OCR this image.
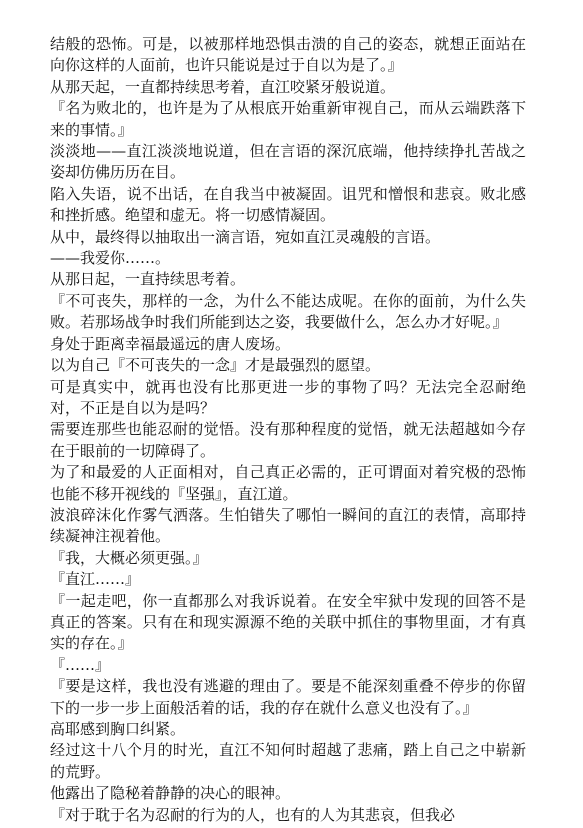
结般的恐怖。可是，以被那样地恐惧击溃的自己的姿态，就想正面站在向你这样的人面前，也许只能说是过于自以为是了。』

从那天起，一直都持续思考着，直江咬紧牙般说道。

『名为败北的，也许是为了从根底开始重新审视自己，而从云端跌落下来的事情。』

淡淡地——直江淡淡地说道，但在言语的深沉底端，他持续挣扎苦战之姿却仿佛历历在目。

陷入失语，说不出话，在自我当中被凝固。诅咒和憎恨和悲哀。败北感和挫折感。绝望和虚无。将一切感情凝固。

从中，最终得以抽取出一滴言语，宛如直江灵魂般的言语。

——我爱你……。

从那日起，一直持续思考着。

『不可丧失，那样的一念，为什么不能达成呢。在你的面前，为什么失败。若那场战争时我们所能到达之姿，我要做什么，怎么办才好呢。』

身处于距离幸福最遥远的唐人废场。

以为自己『不可丧失的一念』才是最强烈的愿望。

可是真实中，就再也没有比那更进一步的事物了吗？无法完全忍耐绝对，不正是自以为是吗？

需要连那些也能忍耐的觉悟。没有那种程度的觉悟，就无法超越如今存在于眼前的一切障碍了。

为了和最爱的人正面相对，自己真正必需的，正可谓面对着究极的恐怖也能不移开视线的『坚强』，直江道。

波浪碎沫化作雾气洒落。生怕错失了哪怕一瞬间的直江的表情，高耶持续凝神注视着他。

『我，大概必须更强。』

『直江……』

『一起走吧，你一直都那么对我诉说着。在安全牢狱中发现的回答不是真正的答案。只有在和现实源源不绝的关联中抓住的事物里面，才有真实的存在。』

『……』

『要是这样，我也没有逃避的理由了。要是不能深刻重叠不停步的你留下的一步一步上面般活着的话，我的存在就什么意义也没有了。』

高耶感到胸口纠紧。

经过这十八个月的时光，直江不知何时超越了悲痛，踏上自己之中崭新的荒野。

他露出了隐秘着静静的决心的眼神。

『对于耽于名为忍耐的行为的人，也有的人为其悲哀，但我必
